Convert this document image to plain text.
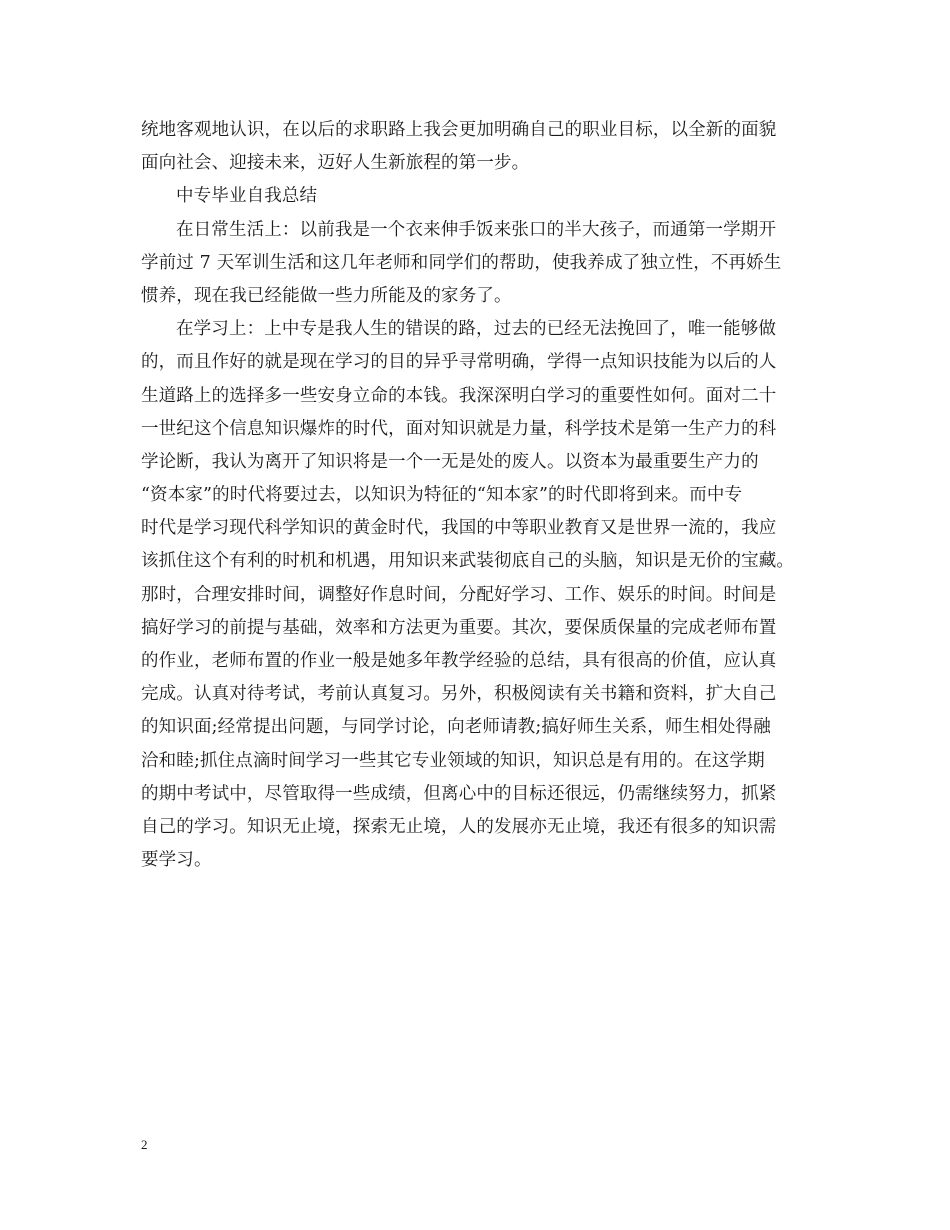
统地客观地认识，在以后的求职路上我会更加明确自己的职业目标，以全新的面貌
面向社会、迎接未来，迈好人生新旅程的第一步。
中专毕业自我总结
在日常生活上：以前我是一个衣来伸手饭来张口的半大孩子，而通第一学期开
学前过 7 天军训生活和这几年老师和同学们的帮助，使我养成了独立性，不再娇生
惯养，现在我已经能做一些力所能及的家务了。
在学习上：上中专是我人生的错误的路，过去的已经无法挽回了，唯一能够做
的，而且作好的就是现在学习的目的异乎寻常明确，学得一点知识技能为以后的人
生道路上的选择多一些安身立命的本钱。我深深明白学习的重要性如何。面对二十
一世纪这个信息知识爆炸的时代，面对知识就是力量，科学技术是第一生产力的科
学论断，我认为离开了知识将是一个一无是处的废人。以资本为最重要生产力的
“资本家”的时代将要过去，以知识为特征的“知本家”的时代即将到来。而中专
时代是学习现代科学知识的黄金时代，我国的中等职业教育又是世界一流的，我应
该抓住这个有利的时机和机遇，用知识来武装彻底自己的头脑，知识是无价的宝藏。
那时，合理安排时间，调整好作息时间，分配好学习、工作、娱乐的时间。时间是
搞好学习的前提与基础，效率和方法更为重要。其次，要保质保量的完成老师布置
的作业，老师布置的作业一般是她多年教学经验的总结，具有很高的价值，应认真
完成。认真对待考试，考前认真复习。另外，积极阅读有关书籍和资料，扩大自己
的知识面;经常提出问题，与同学讨论，向老师请教;搞好师生关系，师生相处得融
洽和睦;抓住点滴时间学习一些其它专业领域的知识，知识总是有用的。在这学期
的期中考试中，尽管取得一些成绩，但离心中的目标还很远，仍需继续努力，抓紧
自己的学习。知识无止境，探索无止境，人的发展亦无止境，我还有很多的知识需
要学习。
2
